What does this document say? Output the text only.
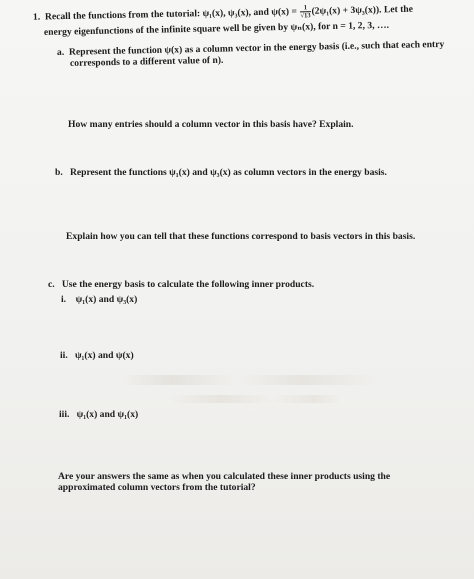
1. Recall the functions from the tutorial: ψ₁(x), ψ₃(x), and $\psi(x) = \frac{1}{√13} (2\psi_1(x) + 3\psi_3(x))$. Let the
energy eigenfunctions of the infinite square well be given by ψₙ(x), for n = 1, 2, 3, ….
a. Represent the function ψ(x) as a column vector in the energy basis (i.e., such that each entry
corresponds to a different value of n).
How many entries should a column vector in this basis have? Explain.
b. Represent the functions ψ₁(x) and ψ₃(x) as column vectors in the energy basis.
Explain how you can tell that these functions correspond to basis vectors in this basis.
c. Use the energy basis to calculate the following inner products.
i. ψ₁(x) and ψ₃(x)
ii. ψ₁(x) and ψ(x)
iii. ψ₁(x) and ψ₁(x)
Are your answers the same as when you calculated these inner products using the
approximated column vectors from the tutorial?
